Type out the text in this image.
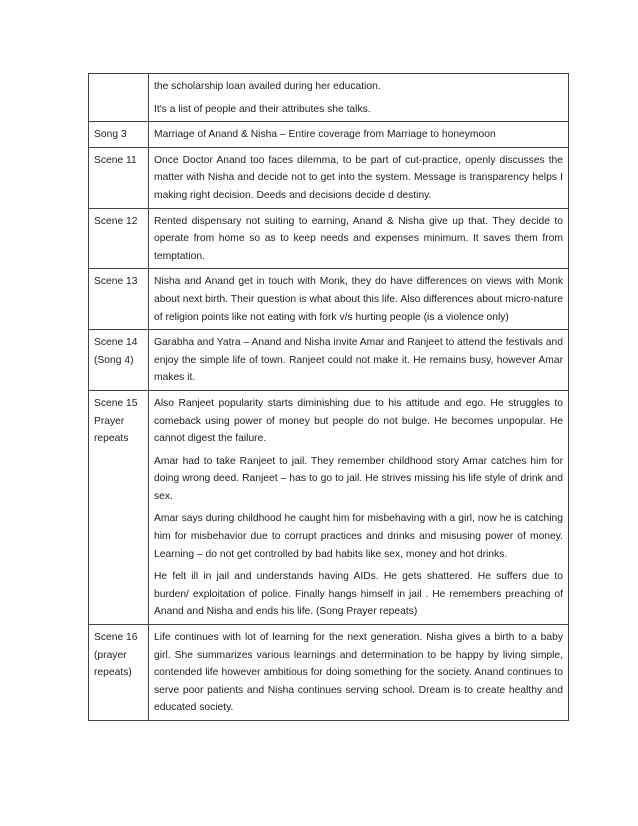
	the scholarship loan availed during her education.

It's a list of people and their attributes she talks.

Song 3	Marriage of Anand & Nisha – Entire coverage from Marriage to honeymoon

Scene 11	Once Doctor Anand too faces dilemma, to be part of cut-practice, openly discusses the matter with Nisha and decide not to get into the system. Message is transparency helps I making right decision. Deeds and decisions decide d destiny.

Scene 12	Rented dispensary not suiting to earning, Anand & Nisha give up that. They decide to operate from home so as to keep needs and expenses minimum. It saves them from temptation.

Scene 13	Nisha and Anand get in touch with Monk, they do have differences on views with Monk about next birth. Their question is what about this life. Also differences about micro-nature of religion points like not eating with fork v/s hurting people (is a violence only)

Scene 14 (Song 4)	Garabha and Yatra – Anand and Nisha invite Amar and Ranjeet to attend the festivals and enjoy the simple life of town. Ranjeet could not make it. He remains busy, however Amar makes it.

Scene 15 Prayer repeats	Also Ranjeet popularity starts diminishing due to his attitude and ego. He struggles to comeback using power of money but people do not bulge. He becomes unpopular. He cannot digest the failure.

Amar had to take Ranjeet to jail. They remember childhood story Amar catches him for doing wrong deed. Ranjeet – has to go to jail. He strives missing his life style of drink and sex.

Amar says during childhood he caught him for misbehaving with a girl, now he is catching him for misbehavior due to corrupt practices and drinks and misusing power of money. Learning – do not get controlled by bad habits like sex, money and hot drinks.

He felt ill in jail and understands having AIDs. He gets shattered. He suffers due to burden/ exploitation of police. Finally hangs himself in jail . He remembers preaching of Anand and Nisha and ends his life. (Song Prayer repeats)

Scene 16 (prayer repeats)	Life continues with lot of learning for the next generation. Nisha gives a birth to a baby girl. She summarizes various learnings and determination to be happy by living simple, contended life however ambitious for doing something for the society. Anand continues to serve poor patients and Nisha continues serving school. Dream is to create healthy and educated society.
